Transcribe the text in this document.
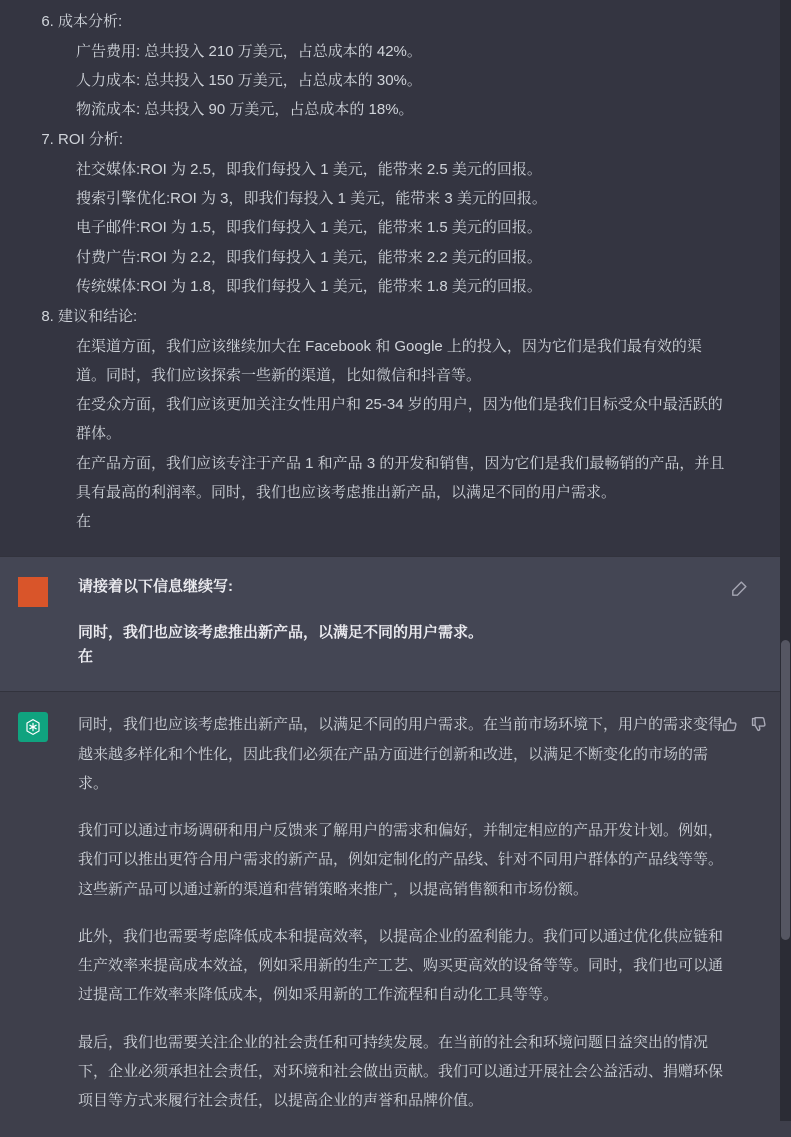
6. 成本分析:
广告费用: 总共投入 210 万美元，占总成本的 42%。
人力成本: 总共投入 150 万美元，占总成本的 30%。
物流成本: 总共投入 90 万美元，占总成本的 18%。
7. ROI 分析:
社交媒体:ROI 为 2.5，即我们每投入 1 美元，能带来 2.5 美元的回报。
搜索引擎优化:ROI 为 3，即我们每投入 1 美元，能带来 3 美元的回报。
电子邮件:ROI 为 1.5，即我们每投入 1 美元，能带来 1.5 美元的回报。
付费广告:ROI 为 2.2，即我们每投入 1 美元，能带来 2.2 美元的回报。
传统媒体:ROI 为 1.8，即我们每投入 1 美元，能带来 1.8 美元的回报。
8. 建议和结论:
在渠道方面，我们应该继续加大在 Facebook 和 Google 上的投入，因为它们是我们最有效的渠道。同时，我们应该探索一些新的渠道，比如微信和抖音等。
在受众方面，我们应该更加关注女性用户和 25-34 岁的用户，因为他们是我们目标受众中最活跃的群体。
在产品方面，我们应该专注于产品 1 和产品 3 的开发和销售，因为它们是我们最畅销的产品，并且具有最高的利润率。同时，我们也应该考虑推出新产品，以满足不同的用户需求。
在
请接着以下信息继续写:
同时，我们也应该考虑推出新产品，以满足不同的用户需求。
在

同时，我们也应该考虑推出新产品，以满足不同的用户需求。在当前市场环境下，用户的需求变得越来越多样化和个性化，因此我们必须在产品方面进行创新和改进，以满足不断变化的市场的需求。

我们可以通过市场调研和用户反馈来了解用户的需求和偏好，并制定相应的产品开发计划。例如，我们可以推出更符合用户需求的新产品，例如定制化的产品线、针对不同用户群体的产品线等等。这些新产品可以通过新的渠道和营销策略来推广，以提高销售额和市场份额。

此外，我们也需要考虑降低成本和提高效率，以提高企业的盈利能力。我们可以通过优化供应链和生产效率来提高成本效益，例如采用新的生产工艺、购买更高效的设备等等。同时，我们也可以通过提高工作效率来降低成本，例如采用新的工作流程和自动化工具等等。

最后，我们也需要关注企业的社会责任和可持续发展。在当前的社会和环境问题日益突出的情况下，企业必须承担社会责任，对环境和社会做出贡献。我们可以通过开展社会公益活动、捐赠环保项目等方式来履行社会责任，以提高企业的声誉和品牌价值。
